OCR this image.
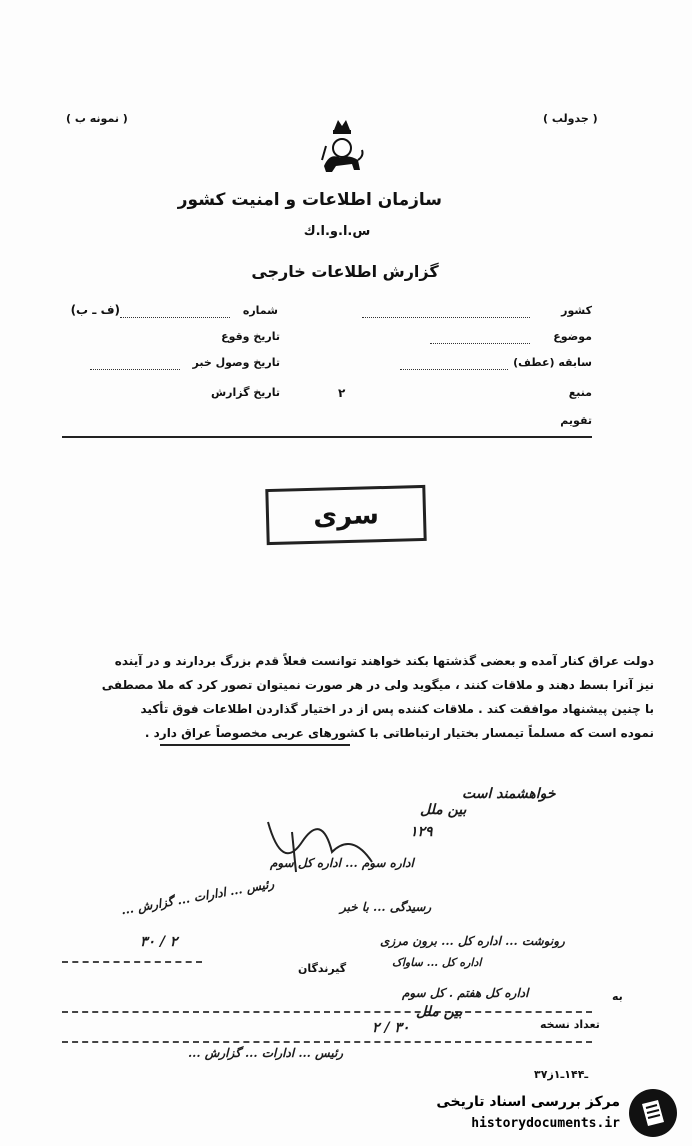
( نمونه ب )	( جدولب )
سازمان اطلاعات و امنیت کشور
س.ا.و.ا.ك
گزارش اطلاعات خارجی
کشور
شماره
(ف ـ ب)
موضوع
تاریخ وقوع
سابقه (عطف)
تاریخ وصول خبر
منبع
۲
تاریخ گزارش
تقویم
سری
دولت عراق کنار آمده و بعضی گذشتها بکند خواهند توانست فعلاً قدم بزرگ بردارند و در آینده
نیز آنرا بسط دهند و ملاقات کنند ، میگوید ولی در هر صورت نمیتوان تصور کرد که ملا مصطفی
با چنین پیشنهاد موافقت کند . ملاقات کننده پس از در اختیار گذاردن اطلاعات فوق تأکید
نموده است که مسلماً تیمسار بختیار ارتباطاتی با کشورهای عربی مخصوصاً عراق دارد .
خواهشمند است
بین ملل
۱۲۹
اداره سوم ... اداره کل سوم
رسیدگی ... با خبر
رونوشت ... اداره کل ... برون مرزی
اداره کل ... ساواک
رئیس ... ادارات ... گزارش ...
۳۰ / ۲
گیرندگان
به
اداره کل هفتم . کل سوم
بین ملل
تعداد نسخه
۲ / ۳۰
رئیس ... ادارات ... گزارش ...
۳۷ـ۱۴۴ـ۱ز
مرکز بررسی اسناد تاریخی
historydocuments.ir
